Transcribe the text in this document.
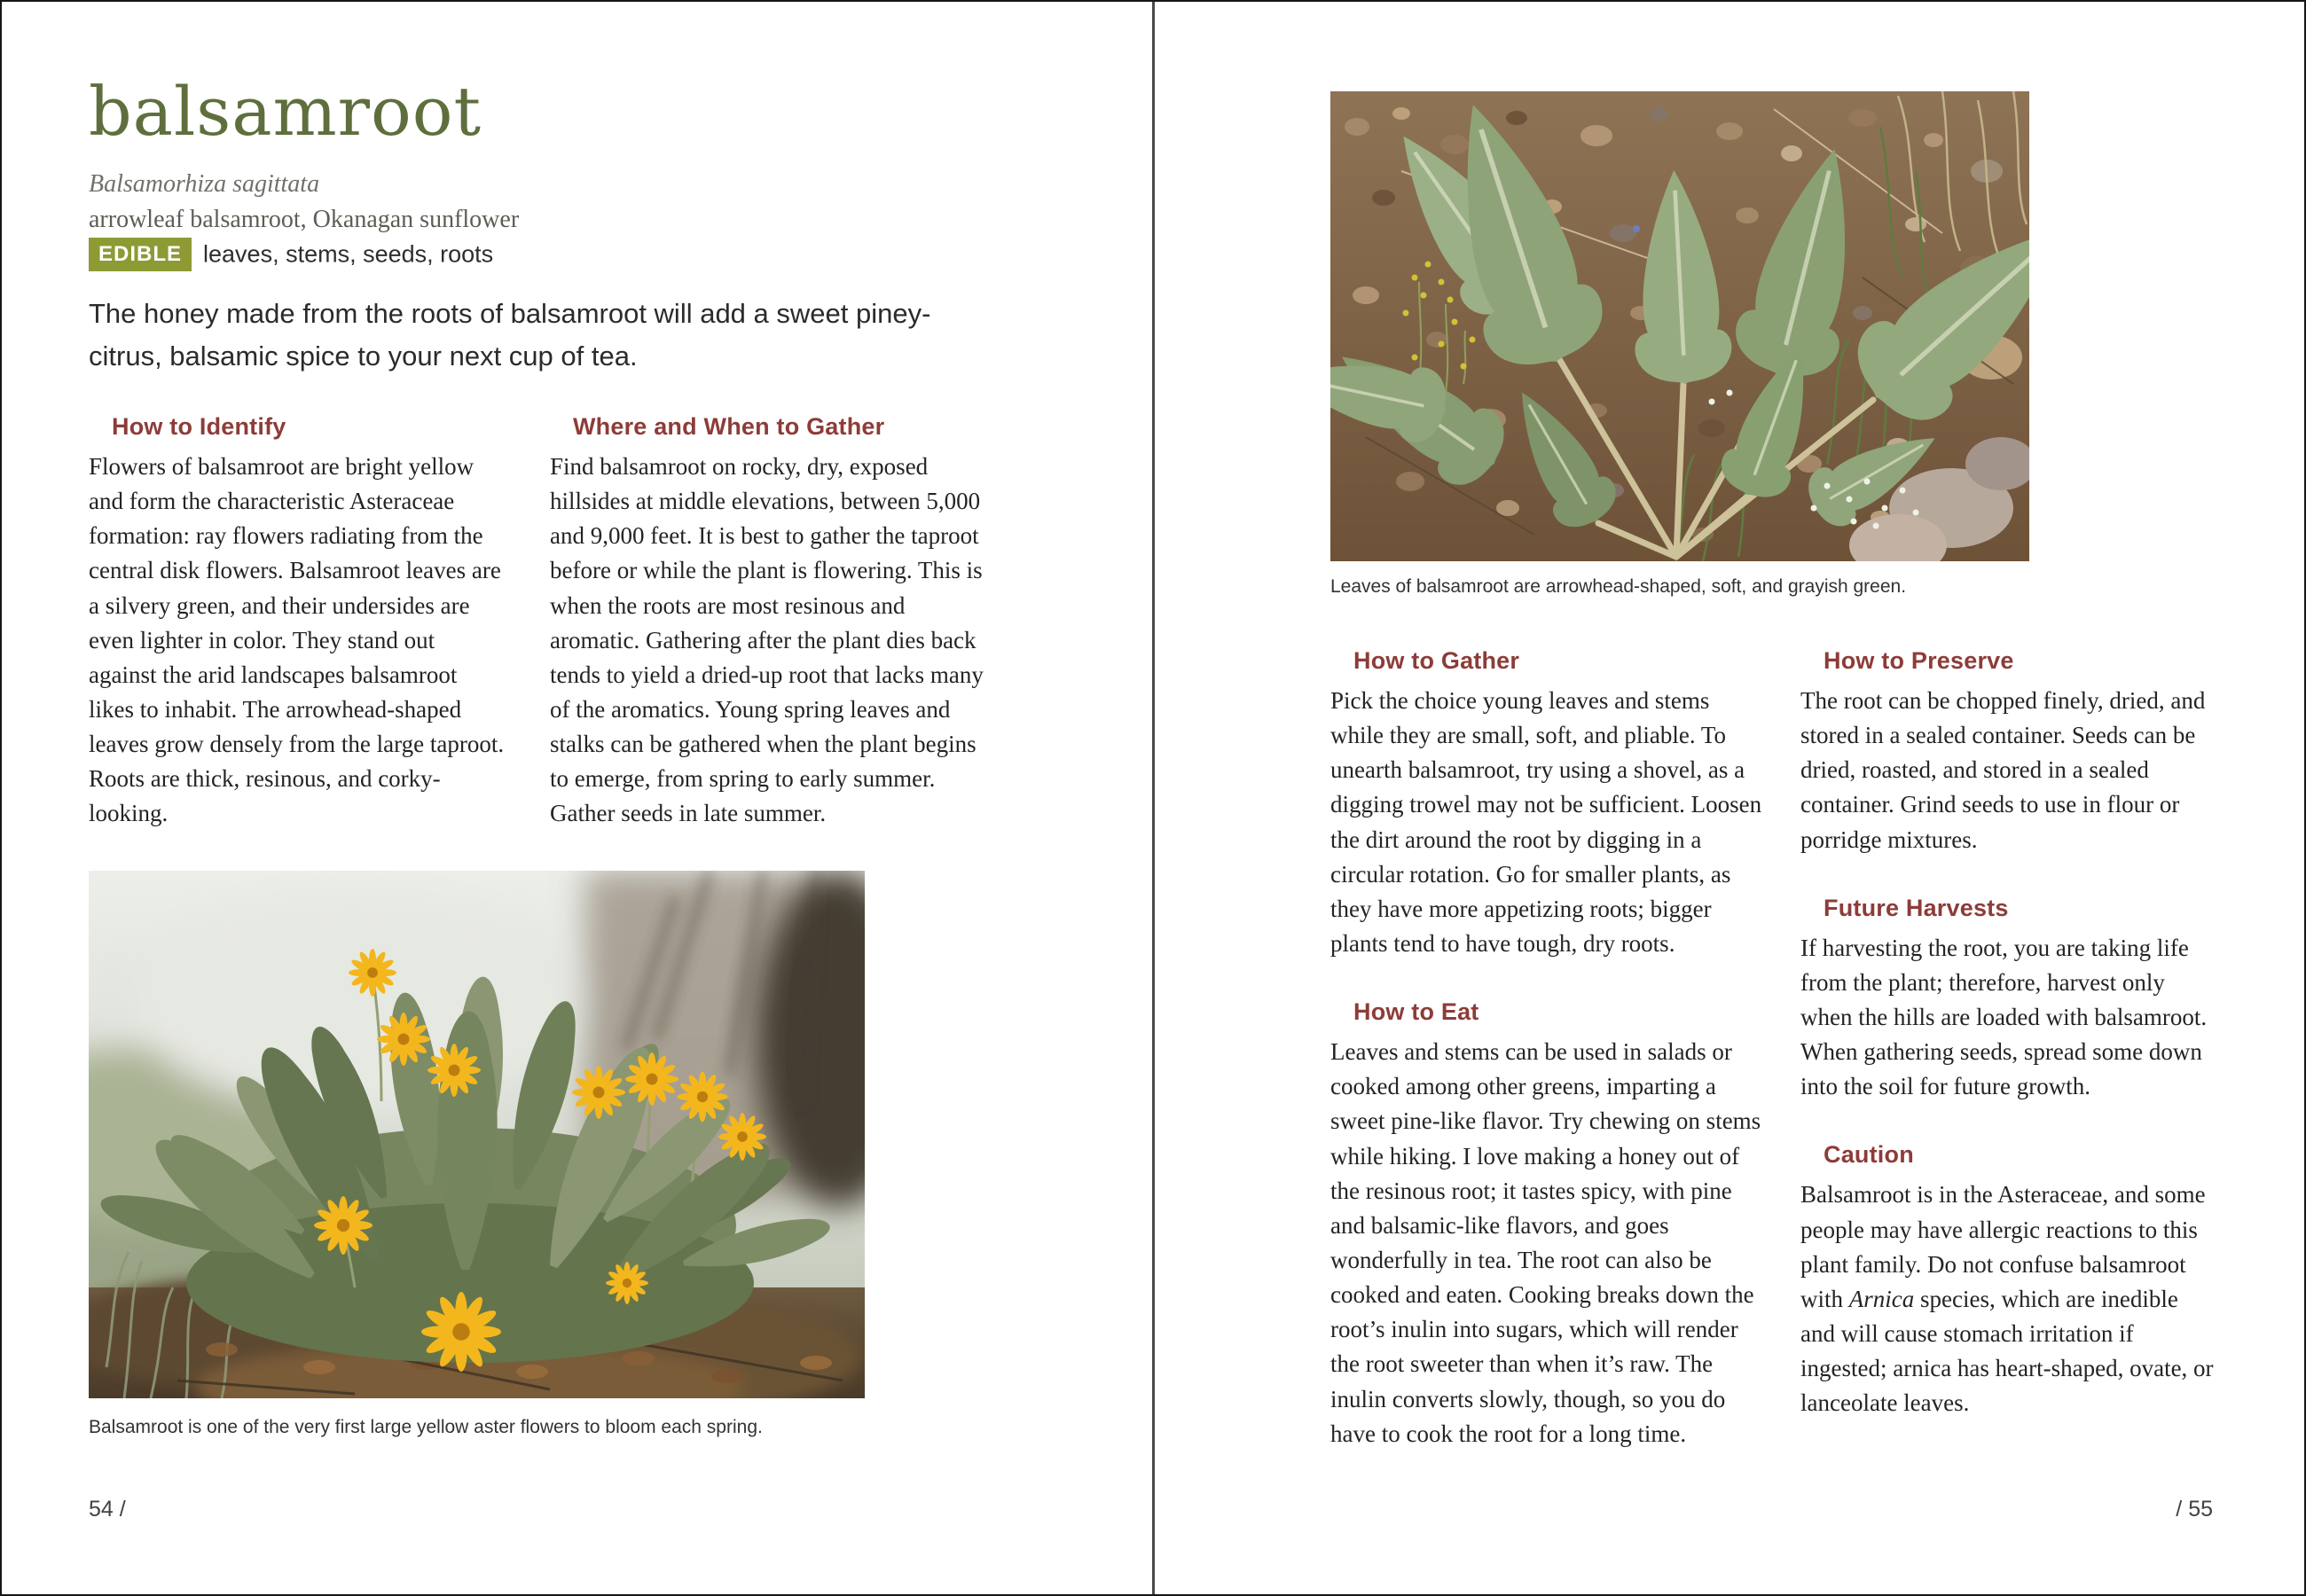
balsamroot
Balsamorhiza sagittata
arrowleaf balsamroot, Okanagan sunflower
EDIBLE leaves, stems, seeds, roots

The honey made from the roots of balsamroot will add a sweet piney-citrus, balsamic spice to your next cup of tea.

How to Identify

Flowers of balsamroot are bright yellow and form the characteristic Asteraceae formation: ray flowers radiating from the central disk flowers. Balsamroot leaves are a silvery green, and their undersides are even lighter in color. They stand out against the arid landscapes balsamroot likes to inhabit. The arrowhead-shaped leaves grow densely from the large taproot. Roots are thick, resinous, and corky-looking.

Where and When to Gather

Find balsamroot on rocky, dry, exposed hillsides at middle elevations, between 5,000 and 9,000 feet. It is best to gather the taproot before or while the plant is flowering. This is when the roots are most resinous and aromatic. Gathering after the plant dies back tends to yield a dried-up root that lacks many of the aromatics. Young spring leaves and stalks can be gathered when the plant begins to emerge, from spring to early summer. Gather seeds in late summer.

Balsamroot is one of the very first large yellow aster flowers to bloom each spring.
54 /
Leaves of balsamroot are arrowhead-shaped, soft, and grayish green.
How to Gather

Pick the choice young leaves and stems while they are small, soft, and pliable. To unearth balsamroot, try using a shovel, as a digging trowel may not be sufficient. Loosen the dirt around the root by digging in a circular rotation. Go for smaller plants, as they have more appetizing roots; bigger plants tend to have tough, dry roots.

How to Eat

Leaves and stems can be used in salads or cooked among other greens, imparting a sweet pine-like flavor. Try chewing on stems while hiking. I love making a honey out of the resinous root; it tastes spicy, with pine and balsamic-like flavors, and goes wonderfully in tea. The root can also be cooked and eaten. Cooking breaks down the root’s inulin into sugars, which will render the root sweeter than when it’s raw. The inulin converts slowly, though, so you do have to cook the root for a long time.

How to Preserve

The root can be chopped finely, dried, and stored in a sealed container. Seeds can be dried, roasted, and stored in a sealed container. Grind seeds to use in flour or porridge mixtures.

Future Harvests

If harvesting the root, you are taking life from the plant; therefore, harvest only when the hills are loaded with balsamroot. When gathering seeds, spread some down into the soil for future growth.

Caution

Balsamroot is in the Asteraceae, and some people may have allergic reactions to this plant family. Do not confuse balsamroot with Arnica species, which are inedible and will cause stomach irritation if ingested; arnica has heart-shaped, ovate, or lanceolate leaves.

/ 55
